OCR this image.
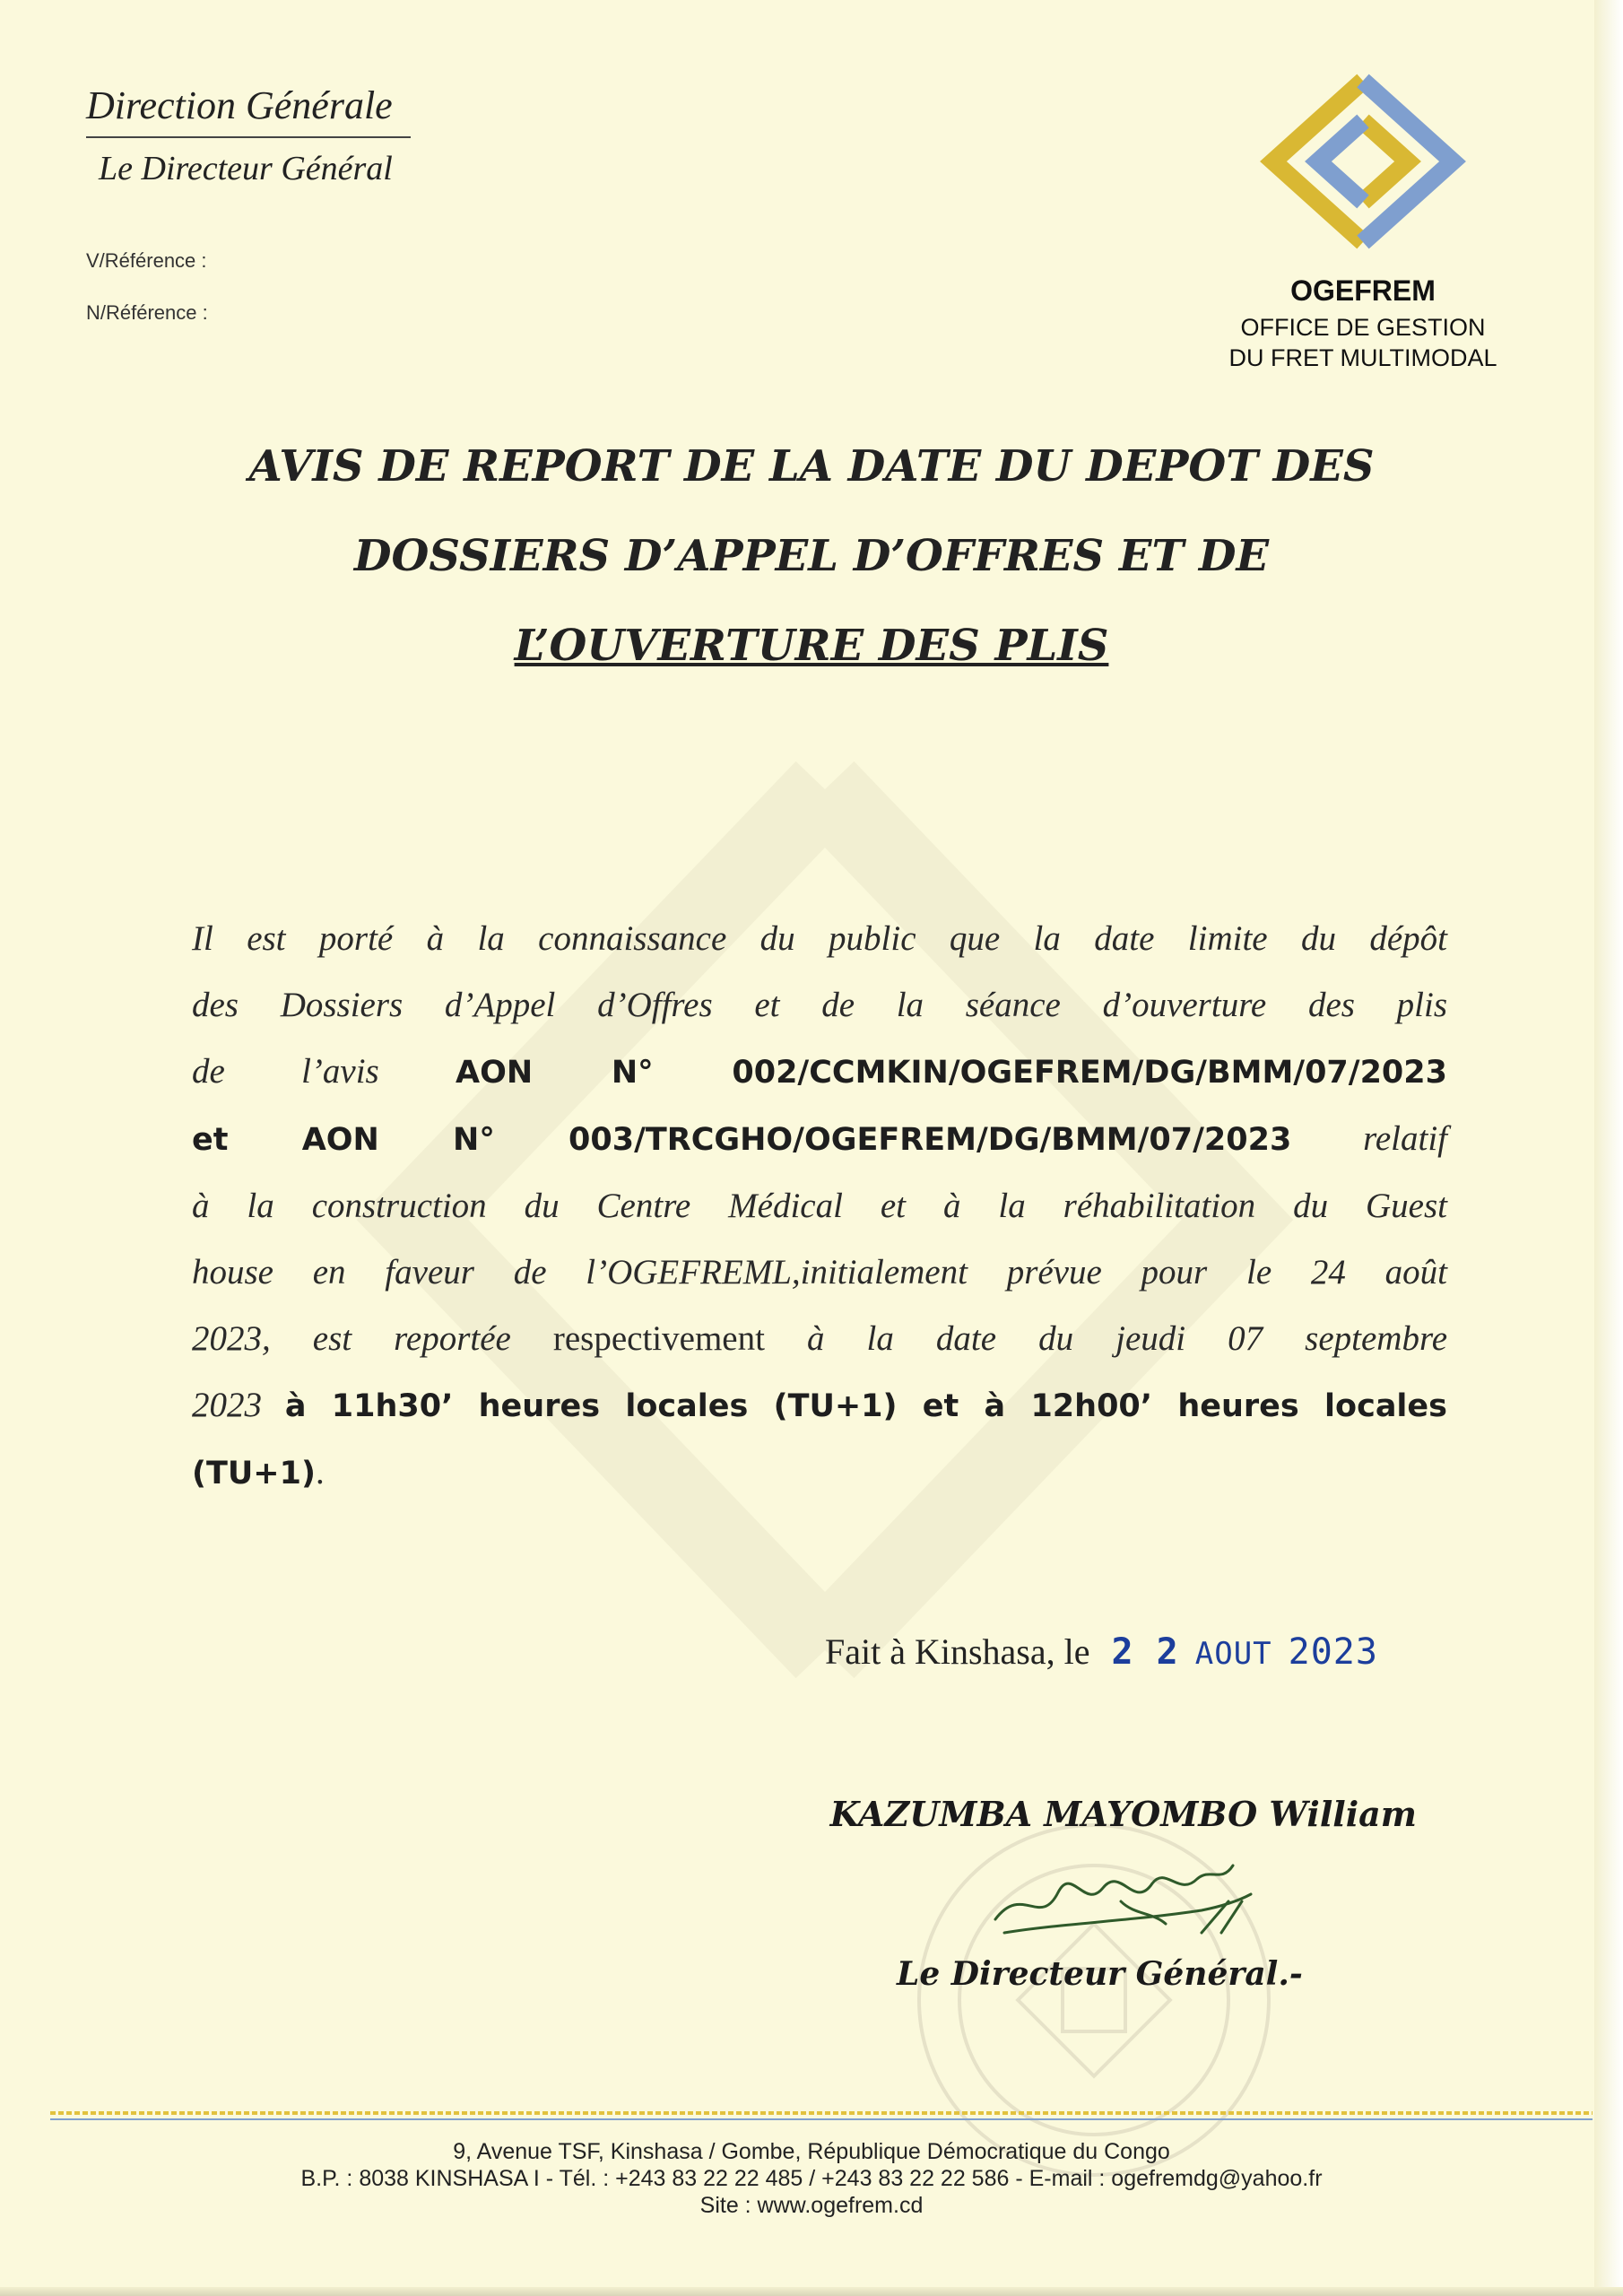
Direction Générale
Le Directeur Général
V/Référence :
N/Référence :
OGEFREM
OFFICE DE GESTION
DU FRET MULTIMODAL
AVIS DE REPORT DE LA DATE DU DEPOT DES
DOSSIERS D’APPEL D’OFFRES ET DE
L’OUVERTURE DES PLIS
Il est porté à la connaissance du public que la date limite du dépôt
des Dossiers d’Appel d’Offres et de la séance d’ouverture des plis
de l’avis AON N° 002/CCMKIN/OGEFREM/DG/BMM/07/2023
et AON N° 003/TRCGHO/OGEFREM/DG/BMM/07/2023 relatif
à la construction du Centre Médical et à la réhabilitation du Guest
house en faveur de l’OGEFREML,initialement prévue pour le 24 août
2023, est reportée respectivement à la date du jeudi 07 septembre
2023 à 11h30’ heures locales (TU+1) et à 12h00’ heures locales
(TU+1).
Fait à Kinshasa, le 2 2 AOUT 2023
KAZUMBA MAYOMBO William
Le Directeur Général.-
9, Avenue TSF, Kinshasa / Gombe, République Démocratique du Congo
B.P. : 8038 KINSHASA I - Tél. : +243 83 22 22 485 / +243 83 22 22 586 - E-mail : ogefremdg@yahoo.fr
Site : www.ogefrem.cd
